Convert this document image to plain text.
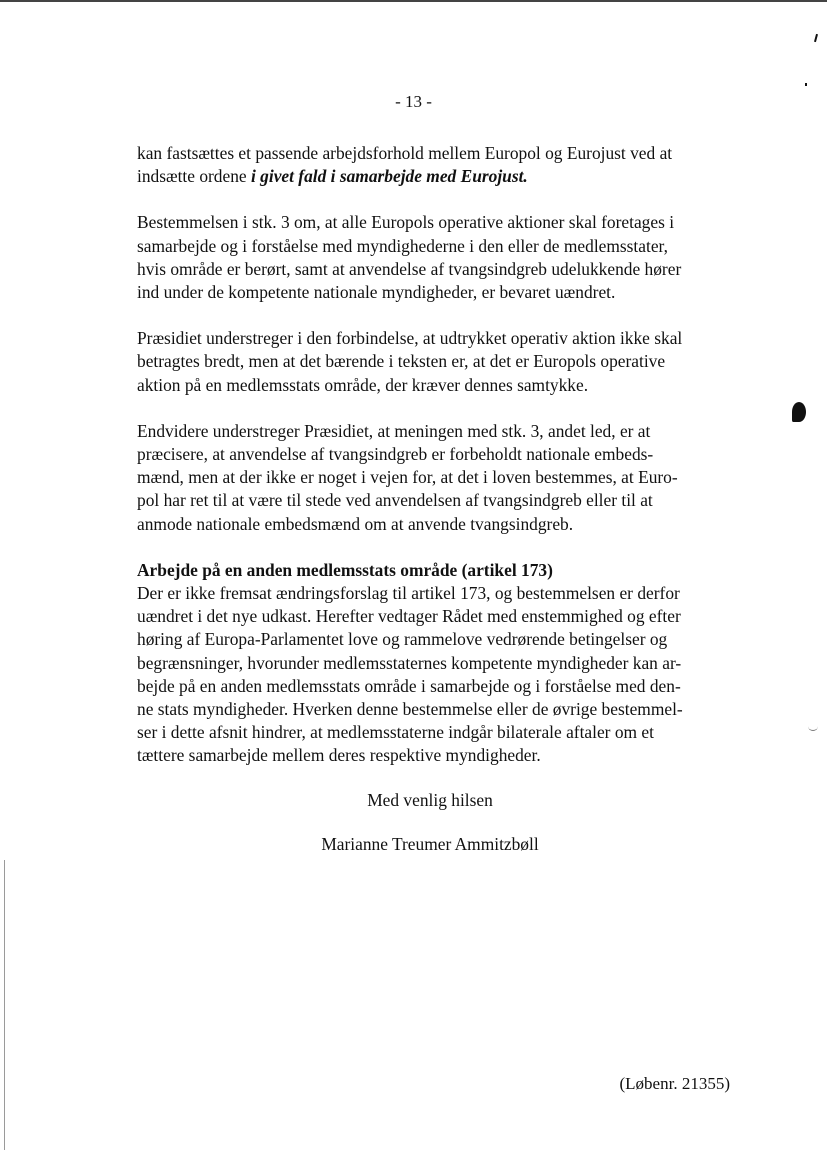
- 13 -

kan fastsættes et passende arbejdsforhold mellem Europol og Eurojust ved at
indsætte ordene i givet fald i samarbejde med Eurojust.

Bestemmelsen i stk. 3 om, at alle Europols operative aktioner skal foretages i
samarbejde og i forståelse med myndighederne i den eller de medlemsstater,
hvis område er berørt, samt at anvendelse af tvangsindgreb udelukkende hører
ind under de kompetente nationale myndigheder, er bevaret uændret.

Præsidiet understreger i den forbindelse, at udtrykket operativ aktion ikke skal
betragtes bredt, men at det bærende i teksten er, at det er Europols operative
aktion på en medlemsstats område, der kræver dennes samtykke.

Endvidere understreger Præsidiet, at meningen med stk. 3, andet led, er at
præcisere, at anvendelse af tvangsindgreb er forbeholdt nationale embeds-
mænd, men at der ikke er noget i vejen for, at det i loven bestemmes, at Euro-
pol har ret til at være til stede ved anvendelsen af tvangsindgreb eller til at
anmode nationale embedsmænd om at anvende tvangsindgreb.

Arbejde på en anden medlemsstats område (artikel 173)

Der er ikke fremsat ændringsforslag til artikel 173, og bestemmelsen er derfor
uændret i det nye udkast. Herefter vedtager Rådet med enstemmighed og efter
høring af Europa-Parlamentet love og rammelove vedrørende betingelser og
begrænsninger, hvorunder medlemsstaternes kompetente myndigheder kan ar-
bejde på en anden medlemsstats område i samarbejde og i forståelse med den-
ne stats myndigheder. Hverken denne bestemmelse eller de øvrige bestemmel-
ser i dette afsnit hindrer, at medlemsstaterne indgår bilaterale aftaler om et
tættere samarbejde mellem deres respektive myndigheder.

Med venlig hilsen
Marianne Treumer Ammitzbøll
(Løbenr. 21355)
